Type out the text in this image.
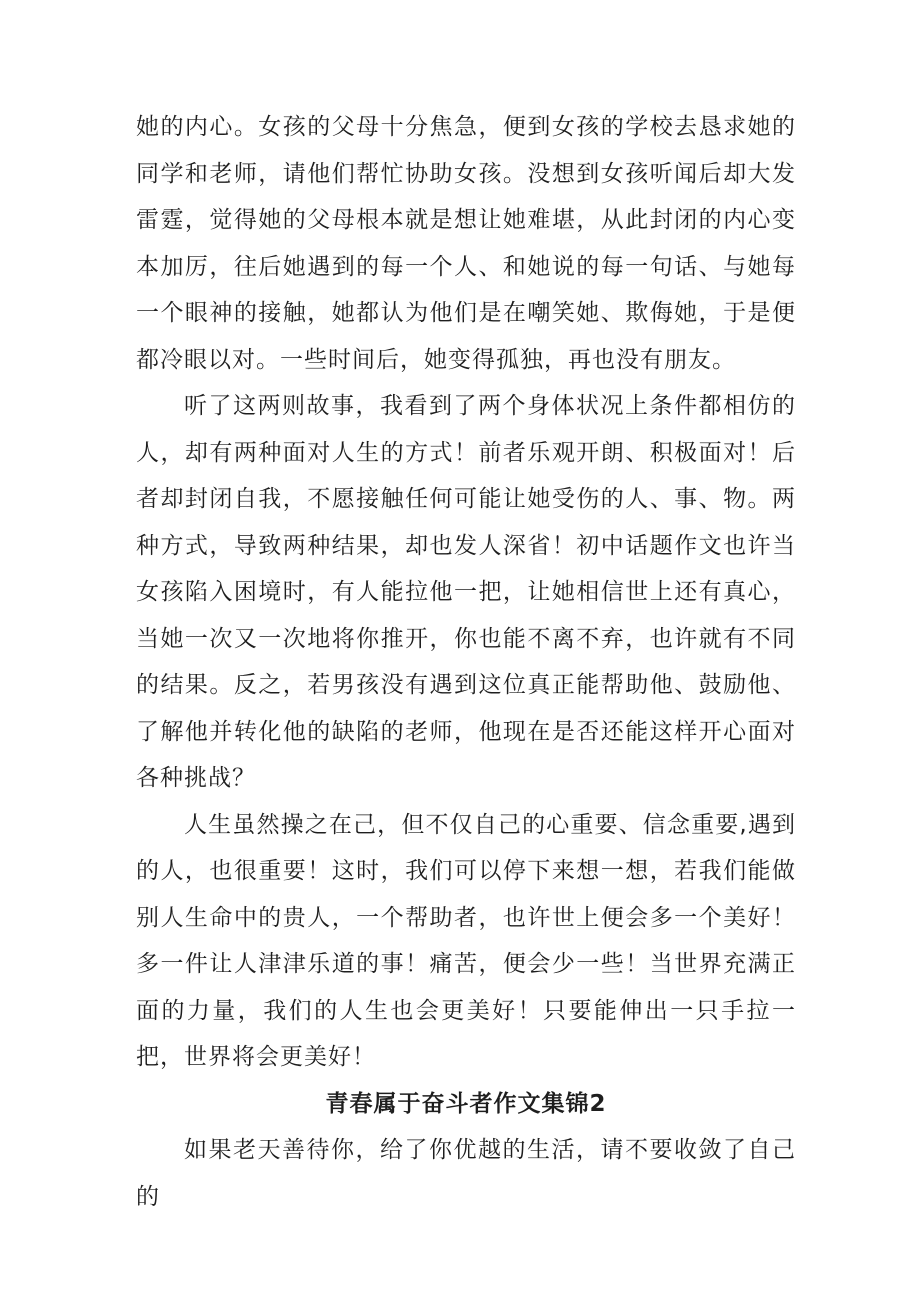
她的内心。女孩的父母十分焦急，便到女孩的学校去恳求她的同学和老师，请他们帮忙协助女孩。没想到女孩听闻后却大发雷霆，觉得她的父母根本就是想让她难堪，从此封闭的内心变本加厉，往后她遇到的每一个人、和她说的每一句话、与她每一个眼神的接触，她都认为他们是在嘲笑她、欺侮她，于是便都冷眼以对。一些时间后，她变得孤独，再也没有朋友。

听了这两则故事，我看到了两个身体状况上条件都相仿的人，却有两种面对人生的方式！前者乐观开朗、积极面对！后者却封闭自我，不愿接触任何可能让她受伤的人、事、物。两种方式，导致两种结果，却也发人深省！初中话题作文也许当女孩陷入困境时，有人能拉他一把，让她相信世上还有真心，当她一次又一次地将你推开，你也能不离不弃，也许就有不同的结果。反之，若男孩没有遇到这位真正能帮助他、鼓励他、了解他并转化他的缺陷的老师，他现在是否还能这样开心面对各种挑战？

人生虽然操之在己，但不仅自己的心重要、信念重要,遇到的人，也很重要！这时，我们可以停下来想一想，若我们能做别人生命中的贵人，一个帮助者，也许世上便会多一个美好！多一件让人津津乐道的事！痛苦，便会少一些！当世界充满正面的力量，我们的人生也会更美好！只要能伸出一只手拉一把，世界将会更美好！

青春属于奋斗者作文集锦2

如果老天善待你，给了你优越的生活，请不要收敛了自己的
